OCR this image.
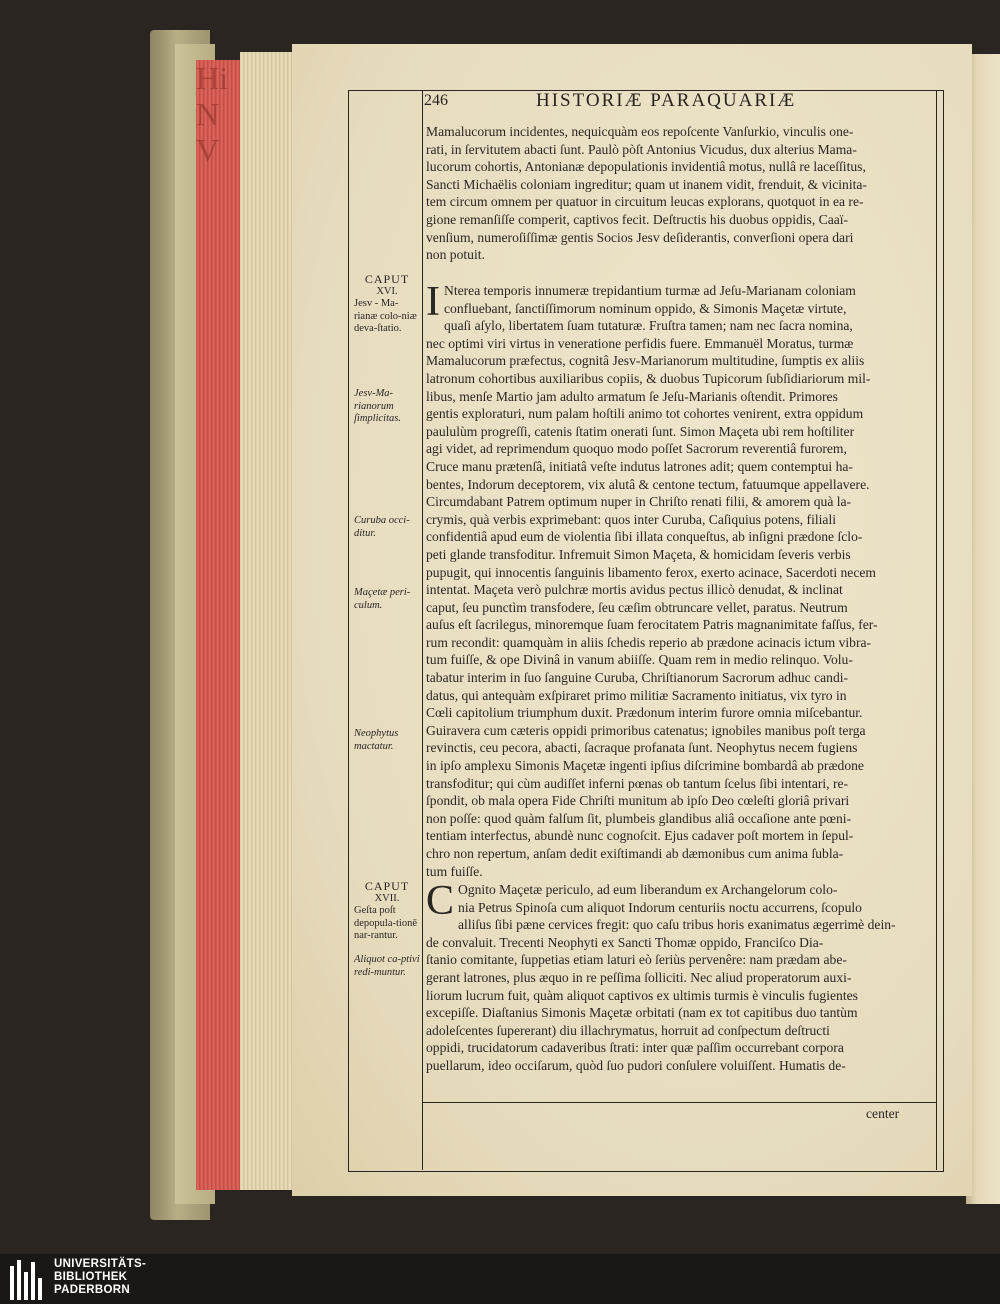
Hi N V
246	HISTORIÆ PARAQUARIÆ
Mamalucorum incidentes, nequicquàm eos repoſcente Vanſurkio, vinculis one-
rati, in ſervitutem abacti ſunt. Paulò pòſt Antonius Vicudus, dux alterius Mama-
lucorum cohortis, Antonianæ depopulationis invidentiâ motus, nullâ re laceſſitus,
Sancti Michaëlis coloniam ingreditur; quam ut inanem vidit, frenduit, & vicinita-
tem circum omnem per quatuor in circuitum leucas explorans, quotquot in ea re-
gione remanſiſſe comperit, captivos fecit. Deſtructis his duobus oppidis, Caaï-
venſium, numeroſiſſimæ gentis Socios Jesv deſiderantis, converſioni opera dari
non potuit.
I Nterea temporis innumeræ trepidantium turmæ ad Jeſu-Marianam coloniam
confluebant, ſanctiſſimorum nominum oppido, & Simonis Maçetæ virtute,
quaſi aſylo, libertatem ſuam tutaturæ. Fruſtra tamen; nam nec ſacra nomina,
nec optimi viri virtus in veneratione perfidis fuere. Emmanuël Moratus, turmæ
Mamalucorum præfectus, cognitâ Jesv-Marianorum multitudine, ſumptis ex aliis
latronum cohortibus auxiliaribus copiis, & duobus Tupicorum ſubſidiariorum mil-
libus, menſe Martio jam adulto armatum ſe Jeſu-Marianis oſtendit. Primores
gentis exploraturi, num palam hoſtili animo tot cohortes venirent, extra oppidum
paululùm progreſſi, catenis ſtatim onerati ſunt. Simon Maçeta ubi rem hoſtiliter
agi videt, ad reprimendum quoquo modo poſſet Sacrorum reverentiâ furorem,
Cruce manu prætenſâ, initiatâ veſte indutus latrones adit; quem contemptui ha-
bentes, Indorum deceptorem, vix alutâ & centone tectum, fatuumque appellavere.
Circumdabant Patrem optimum nuper in Chriſto renati filii, & amorem quà la-
crymis, quà verbis exprimebant: quos inter Curuba, Caſiquius potens, filiali
confidentiâ apud eum de violentia ſibi illata conqueſtus, ab inſigni prædone ſclo-
peti glande transfoditur. Infremuit Simon Maçeta, & homicidam ſeveris verbis
pupugit, qui innocentis ſanguinis libamento ferox, exerto acinace, Sacerdoti necem
intentat. Maçeta verò pulchræ mortis avidus pectus illicò denudat, & inclinat
caput, ſeu punctìm transfodere, ſeu cæſim obtruncare vellet, paratus. Neutrum
auſus eſt ſacrilegus, minoremque ſuam ferocitatem Patris magnanimitate faſſus, fer-
rum recondit: quamquàm in aliis ſchedis reperio ab prædone acinacis ictum vibra-
tum fuiſſe, & ope Divinâ in vanum abiiſſe. Quam rem in medio relinquo. Volu-
tabatur interim in ſuo ſanguine Curuba, Chriſtianorum Sacrorum adhuc candi-
datus, qui antequàm exſpiraret primo militiæ Sacramento initiatus, vix tyro in
Cœli capitolium triumphum duxit. Prædonum interim furore omnia miſcebantur.
Guiravera cum cæteris oppidi primoribus catenatus; ignobiles manibus poſt terga
revinctis, ceu pecora, abacti, ſacraque profanata ſunt. Neophytus necem fugiens
in ipſo amplexu Simonis Maçetæ ingenti ipſius diſcrimine bombardâ ab prædone
transfoditur; qui cùm audiſſet inferni pœnas ob tantum ſcelus ſibi intentari, re-
ſpondit, ob mala opera Fide Chriſti munitum ab ipſo Deo cœleſti gloriâ privari
non poſſe: quod quàm falſum ſit, plumbeis glandibus aliâ occaſione ante pœni-
tentiam interfectus, abundè nunc cognoſcit. Ejus cadaver poſt mortem in ſepul-
chro non repertum, anſam dedit exiſtimandi ab dæmonibus cum anima ſubla-
tum fuiſſe.
C Ognito Maçetæ periculo, ad eum liberandum ex Archangelorum colo-
nia Petrus Spinoſa cum aliquot Indorum centuriis noctu accurrens, ſcopulo
alliſus ſibi pæne cervices fregit: quo caſu tribus horis exanimatus ægerrimè dein-
de convaluit. Trecenti Neophyti ex Sancti Thomæ oppido, Franciſco Dia-
ſtanio comitante, ſuppetias etiam laturi eò ſeriùs pervenêre: nam prædam abe-
gerant latrones, plus æquo in re peſſima ſolliciti. Nec aliud properatorum auxi-
liorum lucrum fuit, quàm aliquot captivos ex ultimis turmis è vinculis fugientes
excepiſſe. Diaſtanius Simonis Maçetæ orbitati (nam ex tot capitibus duo tantùm
adoleſcentes ſupererant) diu illachrymatus, horruit ad conſpectum deſtructi
oppidi, trucidatorum cadaveribus ſtrati: inter quæ paſſim occurrebant corpora
puellarum, ideo occiſarum, quòd ſuo pudori conſulere voluiſſent. Humatis de-
center
CAPUT
XVI.
Jesv - Ma-rianæ colo-niæ deva-ſtatio.
Jesv-Ma-rianorum ſimplicitas.
Curuba occi-ditur.
Maçetæ peri-culum.
Neophytus mactatur.
CAPUT
XVII.
Geſta poſt depopula-tionē nar-rantur.
Aliquot ca-ptivi redi-muntur.
UNIVERSITÄTS-
BIBLIOTHEK
PADERBORN
